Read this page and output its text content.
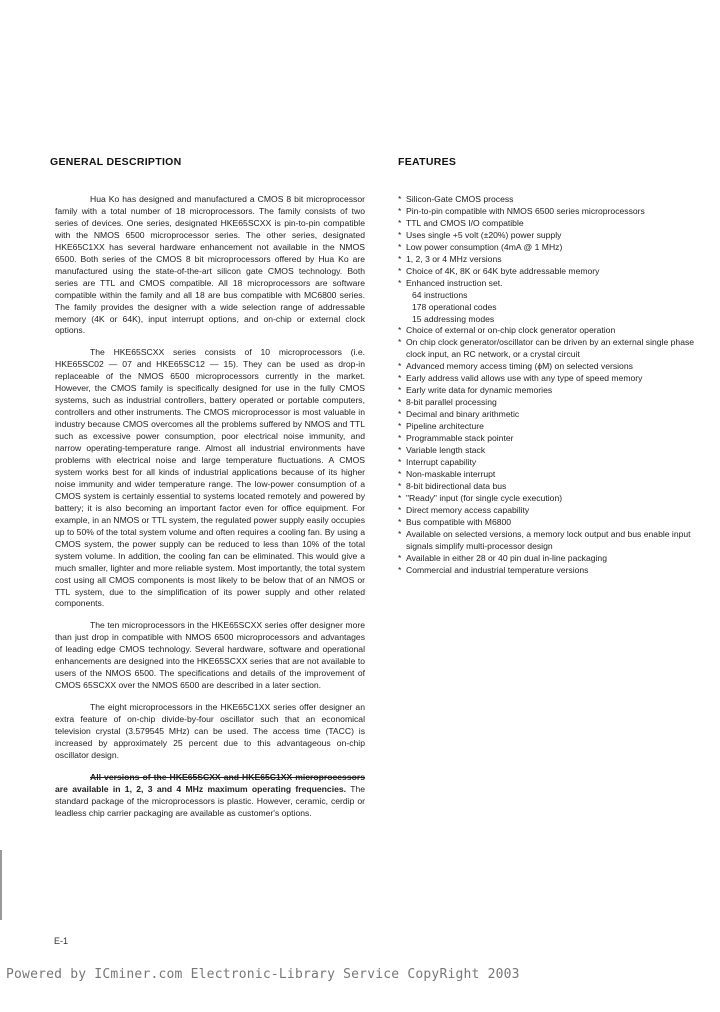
GENERAL DESCRIPTION	FEATURES

Hua Ko has designed and manufactured a CMOS 8 bit microprocessor family with a total number of 18 microprocessors. The family consists of two series of devices. One series, designated HKE65SCXX is pin-to-pin compatible with the NMOS 6500 microprocessor series. The other series, designated HKE65C1XX has several hardware enhancement not available in the NMOS 6500. Both series of the CMOS 8 bit microprocessors offered by Hua Ko are manufactured using the state-of-the-art silicon gate CMOS technology. Both series are TTL and CMOS compatible. All 18 microprocessors are software compatible within the family and all 18 are bus compatible with MC6800 series. The family provides the designer with a wide selection range of addressable memory (4K or 64K), input interrupt options, and on-chip or external clock options.

The HKE65SCXX series consists of 10 microprocessors (i.e. HKE65SC02 — 07 and HKE65SC12 — 15). They can be used as drop-in replaceable of the NMOS 6500 microprocessors currently in the market. However, the CMOS family is specifically designed for use in the fully CMOS systems, such as industrial controllers, battery operated or portable computers, controllers and other instruments. The CMOS microprocessor is most valuable in industry because CMOS overcomes all the problems suffered by NMOS and TTL such as excessive power consumption, poor electrical noise immunity, and narrow operating-temperature range. Almost all industrial environments have problems with electrical noise and large temperature fluctuations. A CMOS system works best for all kinds of industrial applications because of its higher noise immunity and wider temperature range. The low-power consumption of a CMOS system is certainly essential to systems located remotely and powered by battery; it is also becoming an important factor even for office equipment. For example, in an NMOS or TTL system, the regulated power supply easily occupies up to 50% of the total system volume and often requires a cooling fan. By using a CMOS system, the power supply can be reduced to less than 10% of the total system volume. In addition, the cooling fan can be eliminated. This would give a much smaller, lighter and more reliable system. Most importantly, the total system cost using all CMOS components is most likely to be below that of an NMOS or TTL system, due to the simplification of its power supply and other related components.

The ten microprocessors in the HKE65SCXX series offer designer more than just drop in compatible with NMOS 6500 microprocessors and advantages of leading edge CMOS technology. Several hardware, software and operational enhancements are designed into the HKE65SCXX series that are not available to users of the NMOS 6500. The specifications and details of the improvement of CMOS 65SCXX over the NMOS 6500 are described in a later section.

The eight microprocessors in the HKE65C1XX series offer designer an extra feature of on-chip divide-by-four oscillator such that an economical television crystal (3.579545 MHz) can be used. The access time (TACC) is increased by approximately 25 percent due to this advantageous on-chip oscillator design.

All versions of the HKE65SCXX and HKE65C1XX microprocessors are available in 1, 2, 3 and 4 MHz maximum operating frequencies. The standard package of the microprocessors is plastic. However, ceramic, cerdip or leadless chip carrier packaging are available as customer's options.

* Silicon-Gate CMOS process
* Pin-to-pin compatible with NMOS 6500 series microprocessors
* TTL and CMOS I/O compatible
* Uses single +5 volt (±20%) power supply
* Low power consumption (4mA @ 1 MHz)
* 1, 2, 3 or 4 MHz versions
* Choice of 4K, 8K or 64K byte addressable memory
* Enhanced instruction set.
64 instructions
178 operational codes
15 addressing modes
* Choice of external or on-chip clock generator operation
* On chip clock generator/oscillator can be driven by an external single phase clock input, an RC network, or a crystal circuit
* Advanced memory access timing (ϕM) on selected versions
* Early address valid allows use with any type of speed memory
* Early write data for dynamic memories
* 8-bit parallel processing
* Decimal and binary arithmetic
* Pipeline architecture
* Programmable stack pointer
* Variable length stack
* Interrupt capability
* Non-maskable interrupt
* 8-bit bidirectional data bus
* "Ready" input (for single cycle execution)
* Direct memory access capability
* Bus compatible with M6800
* Available on selected versions, a memory lock output and bus enable input signals simplify multi-processor design
* Available in either 28 or 40 pin dual in-line packaging
* Commercial and industrial temperature versions
E-1
Powered by ICminer.com Electronic-Library Service CopyRight 2003
